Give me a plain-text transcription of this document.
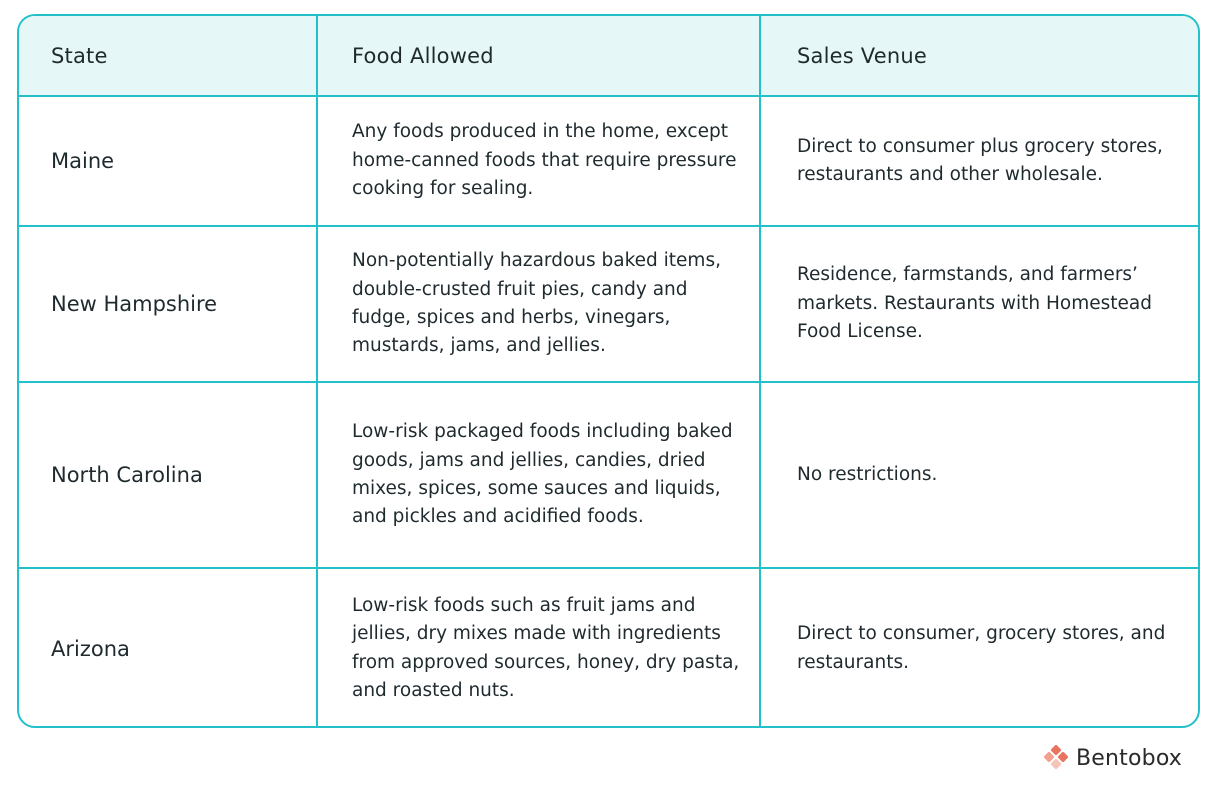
State	Food Allowed	Sales Venue
Maine	Any foods produced in the home, except home-canned foods that require pressure cooking for sealing.	Direct to consumer plus grocery stores, restaurants and other wholesale.
New Hampshire	Non-potentially hazardous baked items, double-crusted fruit pies, candy and fudge, spices and herbs, vinegars, mustards, jams, and jellies.	Residence, farmstands, and farmers’ markets. Restaurants with Homestead Food License.
North Carolina	Low-risk packaged foods including baked goods, jams and jellies, candies, dried mixes, spices, some sauces and liquids, and pickles and acidified foods.	No restrictions.
Arizona	Low-risk foods such as fruit jams and jellies, dry mixes made with ingredients from approved sources, honey, dry pasta, and roasted nuts.	Direct to consumer, grocery stores, and restaurants.
Bentobox
